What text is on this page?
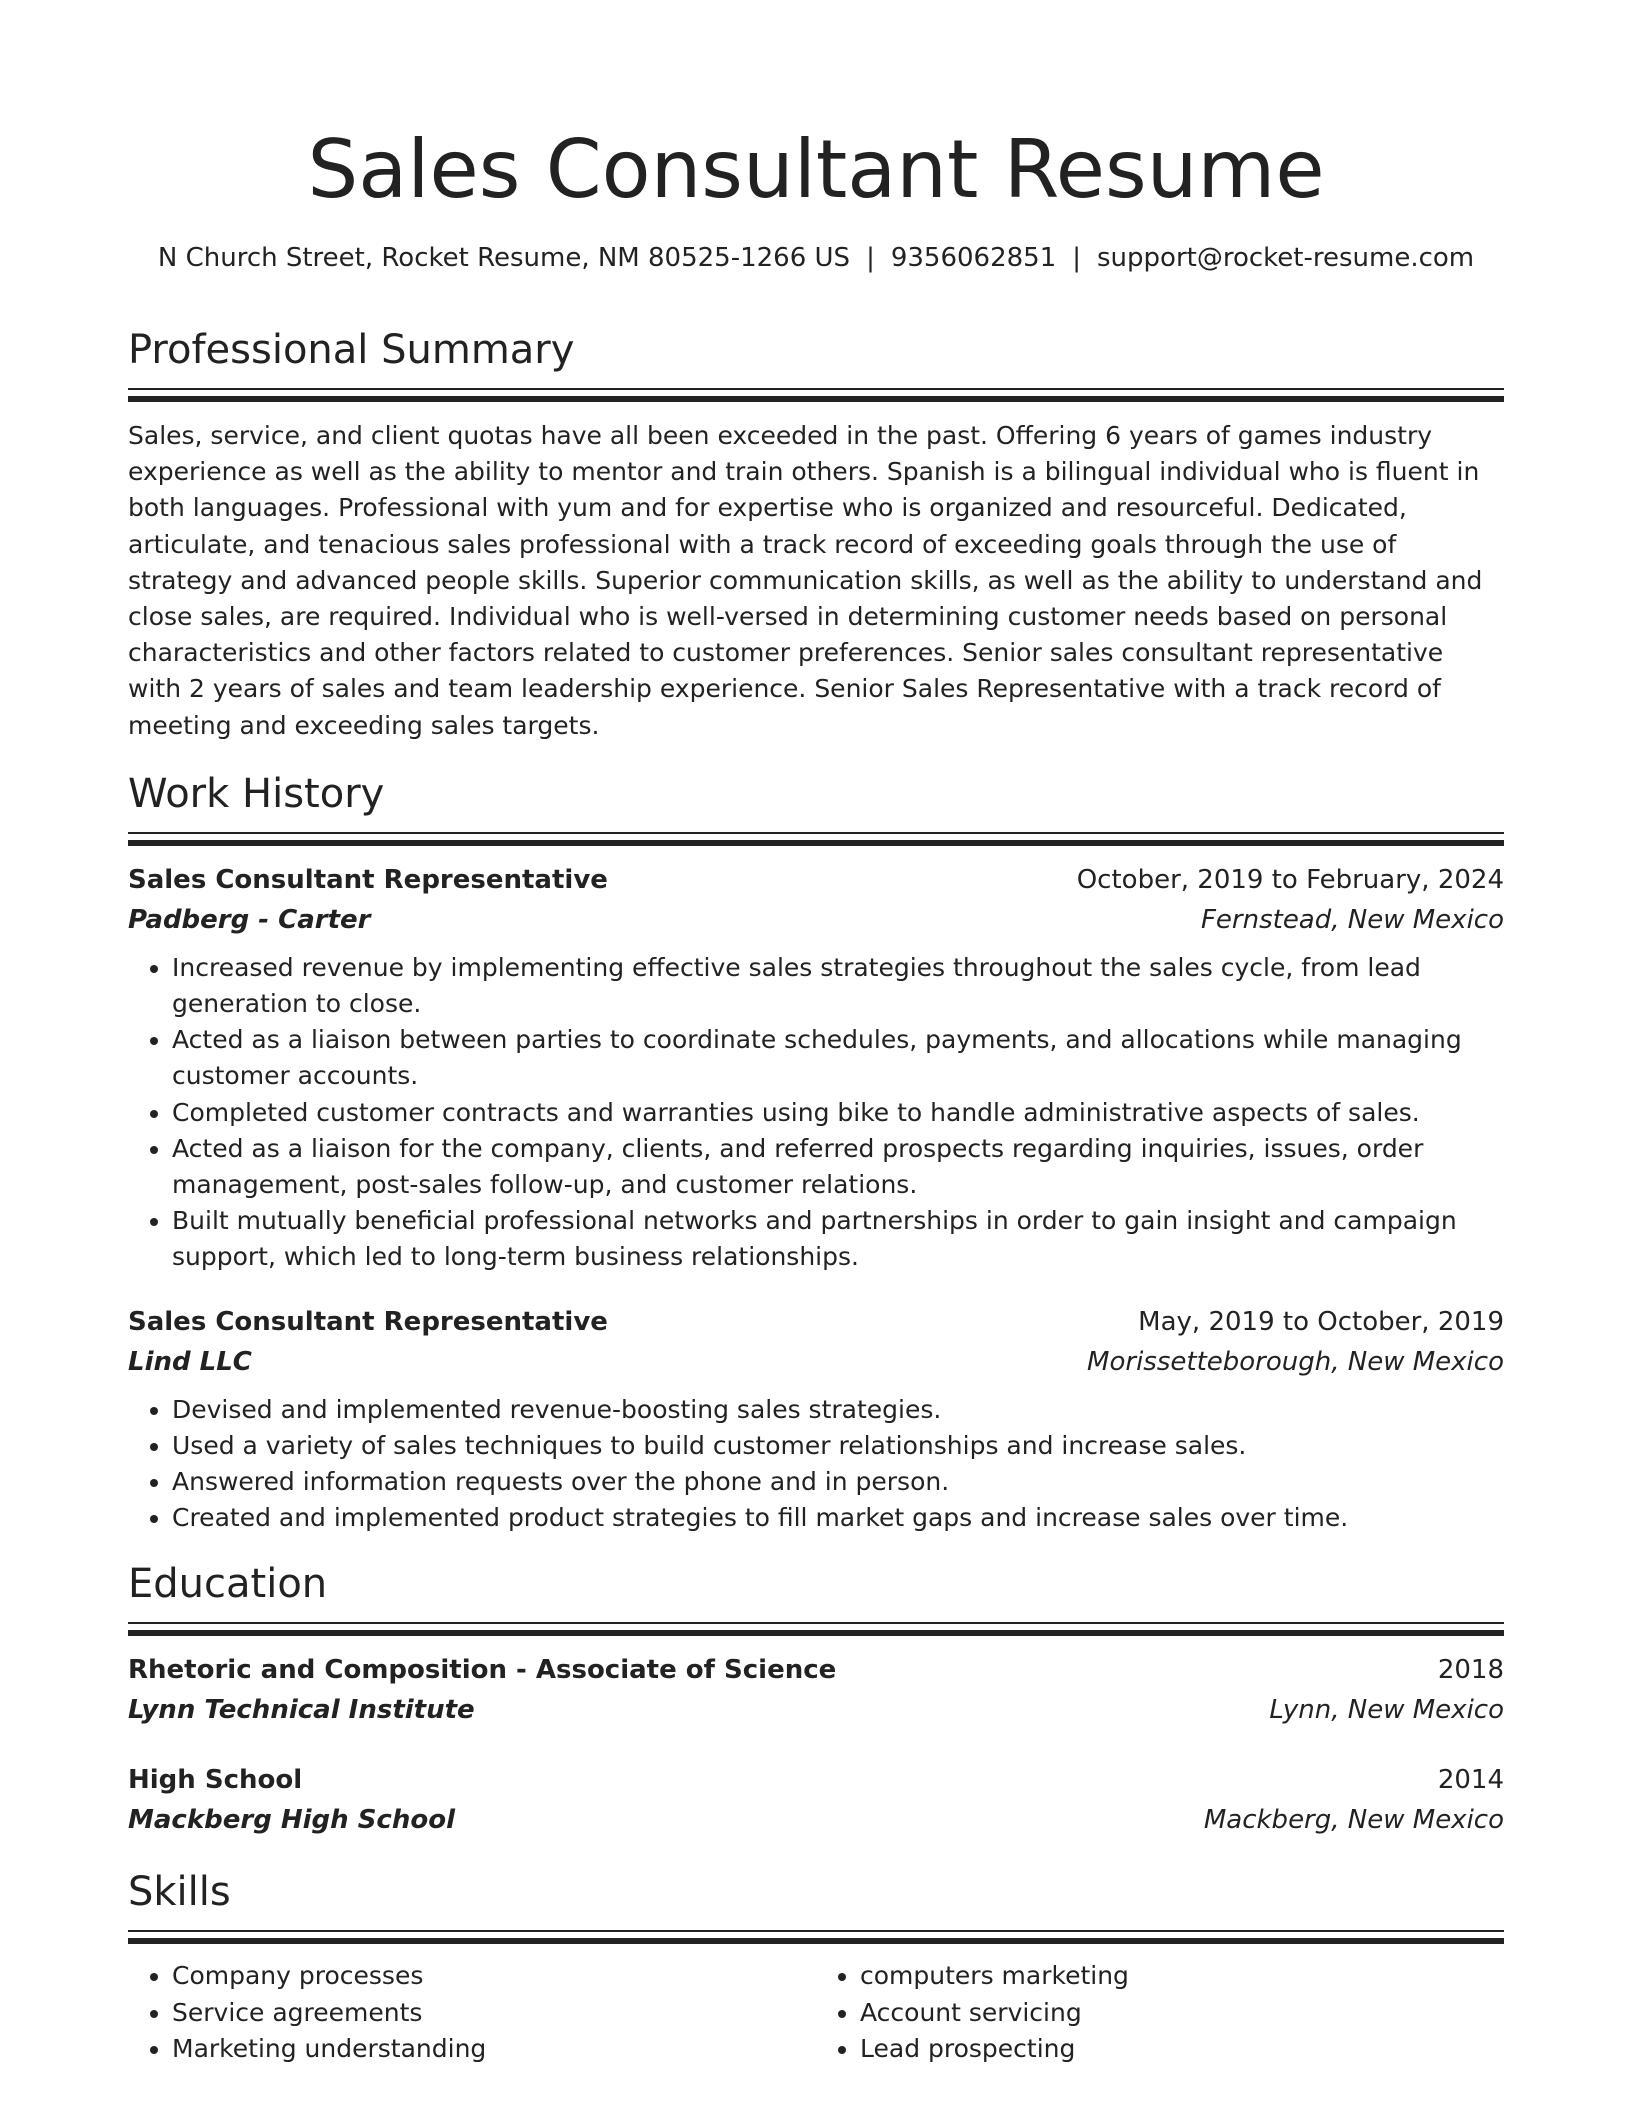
Sales Consultant Resume
N Church Street, Rocket Resume, NM 80525-1266 US | 9356062851 | support@rocket-resume.com
Professional Summary

Sales, service, and client quotas have all been exceeded in the past. Offering 6 years of games industry experience as well as the ability to mentor and train others. Spanish is a bilingual individual who is fluent in both languages. Professional with yum and for expertise who is organized and resourceful. Dedicated, articulate, and tenacious sales professional with a track record of exceeding goals through the use of strategy and advanced people skills. Superior communication skills, as well as the ability to understand and close sales, are required. Individual who is well-versed in determining customer needs based on personal characteristics and other factors related to customer preferences. Senior sales consultant representative with 2 years of sales and team leadership experience. Senior Sales Representative with a track record of meeting and exceeding sales targets.

Work History
Sales Consultant Representative	October, 2019 to February, 2024
Padberg - Carter	Fernstead, New Mexico
• Increased revenue by implementing effective sales strategies throughout the sales cycle, from lead generation to close.
• Acted as a liaison between parties to coordinate schedules, payments, and allocations while managing customer accounts.
• Completed customer contracts and warranties using bike to handle administrative aspects of sales.
• Acted as a liaison for the company, clients, and referred prospects regarding inquiries, issues, order management, post-sales follow-up, and customer relations.
• Built mutually beneficial professional networks and partnerships in order to gain insight and campaign support, which led to long-term business relationships.
Sales Consultant Representative	May, 2019 to October, 2019
Lind LLC	Morissetteborough, New Mexico
• Devised and implemented revenue-boosting sales strategies.
• Used a variety of sales techniques to build customer relationships and increase sales.
• Answered information requests over the phone and in person.
• Created and implemented product strategies to fill market gaps and increase sales over time.
Education
Rhetoric and Composition - Associate of Science	2018
Lynn Technical Institute	Lynn, New Mexico
High School	2014
Mackberg High School	Mackberg, New Mexico
Skills
• Company processes
• Service agreements
• Marketing understanding
• computers marketing
• Account servicing
• Lead prospecting
